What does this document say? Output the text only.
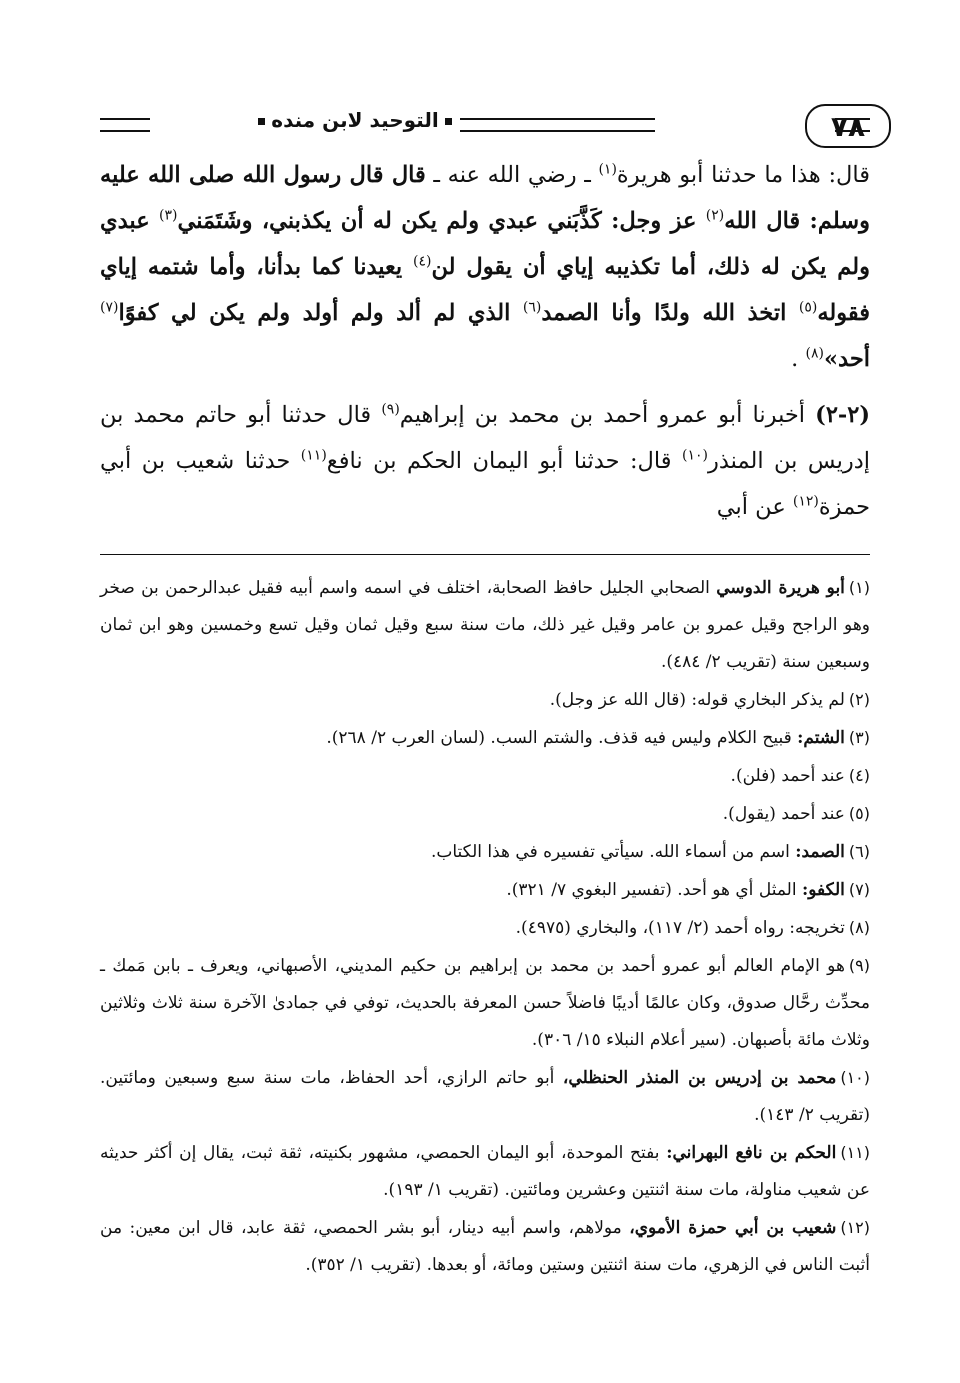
٧٨
التوحيد لابن منده

قال: هذا ما حدثنا أبو هريرة$^{(١)}$ ـ رضي الله عنه ـ قال قال رسول الله صلى الله عليه وسلم: قال الله$^{(٢)}$ عز وجل: كَذَّبَني عبدي ولم يكن له أن يكذبني، وشَتَمَني$^{(٣)}$ عبدي ولم يكن له ذلك، أما تكذيبه إياي أن يقول لن$^{(٤)}$ يعيدنا كما بدأنا، وأما شتمه إياي فقوله$^{(٥)}$ اتخذ الله ولدًا وأنا الصمد$^{(٦)}$ الذي لم ألد ولم أولد ولم يكن لي كفوًا$^{(٧)}$ أحد»$^{(٨)}$ .

(٢-٢) أخبرنا أبو عمرو أحمد بن محمد بن إبراهيم$^{(٩)}$ قال حدثنا أبو حاتم محمد بن إدريس بن المنذر$^{(١٠)}$ قال: حدثنا أبو اليمان الحكم بن نافع$^{(١١)}$ حدثنا شعيب بن أبي حمزة$^{(١٢)}$ عن أبي

(١)أبو هريرة الدوسي الصحابي الجليل حافظ الصحابة، اختلف في اسمه واسم أبيه فقيل عبدالرحمن بن صخر وهو الراجح وقيل عمرو بن عامر وقيل غير ذلك، مات سنة سبع وقيل ثمان وقيل تسع وخمسين وهو ابن ثمان وسبعين سنة (تقريب ٢/ ٤٨٤).

(٢)لم يذكر البخاري قوله: (قال الله عز وجل).

(٣)الشتم: قبيح الكلام وليس فيه قذف. والشتم السب. (لسان العرب ٢/ ٢٦٨).

(٤)عند أحمد (فلن).

(٥)عند أحمد (يقول).

(٦)الصمد: اسم من أسماء الله. سيأتي تفسيره في هذا الكتاب.

(٧)الكفو: المثل أي هو أحد. (تفسير البغوي ٧/ ٣٢١).

(٨)تخريجه: رواه أحمد (٢/ ١١٧)، والبخاري (٤٩٧٥).

(٩)هو الإمام العالم أبو عمرو أحمد بن محمد بن إبراهيم بن حكيم المديني، الأصبهاني، ويعرف ـ بابن مَمك ـ محدِّث رحَّال صدوق، وكان عالمًا أديبًا فاضلاً حسن المعرفة بالحديث، توفي في جمادىٰ الآخرة سنة ثلاث وثلاثين وثلاث مائة بأصبهان. (سير أعلام النبلاء ١٥/ ٣٠٦).

(١٠)محمد بن إدريس بن المنذر الحنظلي، أبو حاتم الرازي، أحد الحفاظ، مات سنة سبع وسبعين ومائتين. (تقريب ٢/ ١٤٣).

(١١)الحكم بن نافع البهراني: بفتح الموحدة، أبو اليمان الحمصي، مشهور بكنيته، ثقة ثبت، يقال إن أكثر حديثه عن شعيب مناولة، مات سنة اثنتين وعشرين ومائتين. (تقريب ١/ ١٩٣).

(١٢)شعيب بن أبي حمزة الأموي، مولاهم، واسم أبيه دينار، أبو بشر الحمصي، ثقة عابد، قال ابن معين: من أثبت الناس في الزهري، مات سنة اثنتين وستين ومائة، أو بعدها. (تقريب ١/ ٣٥٢).
